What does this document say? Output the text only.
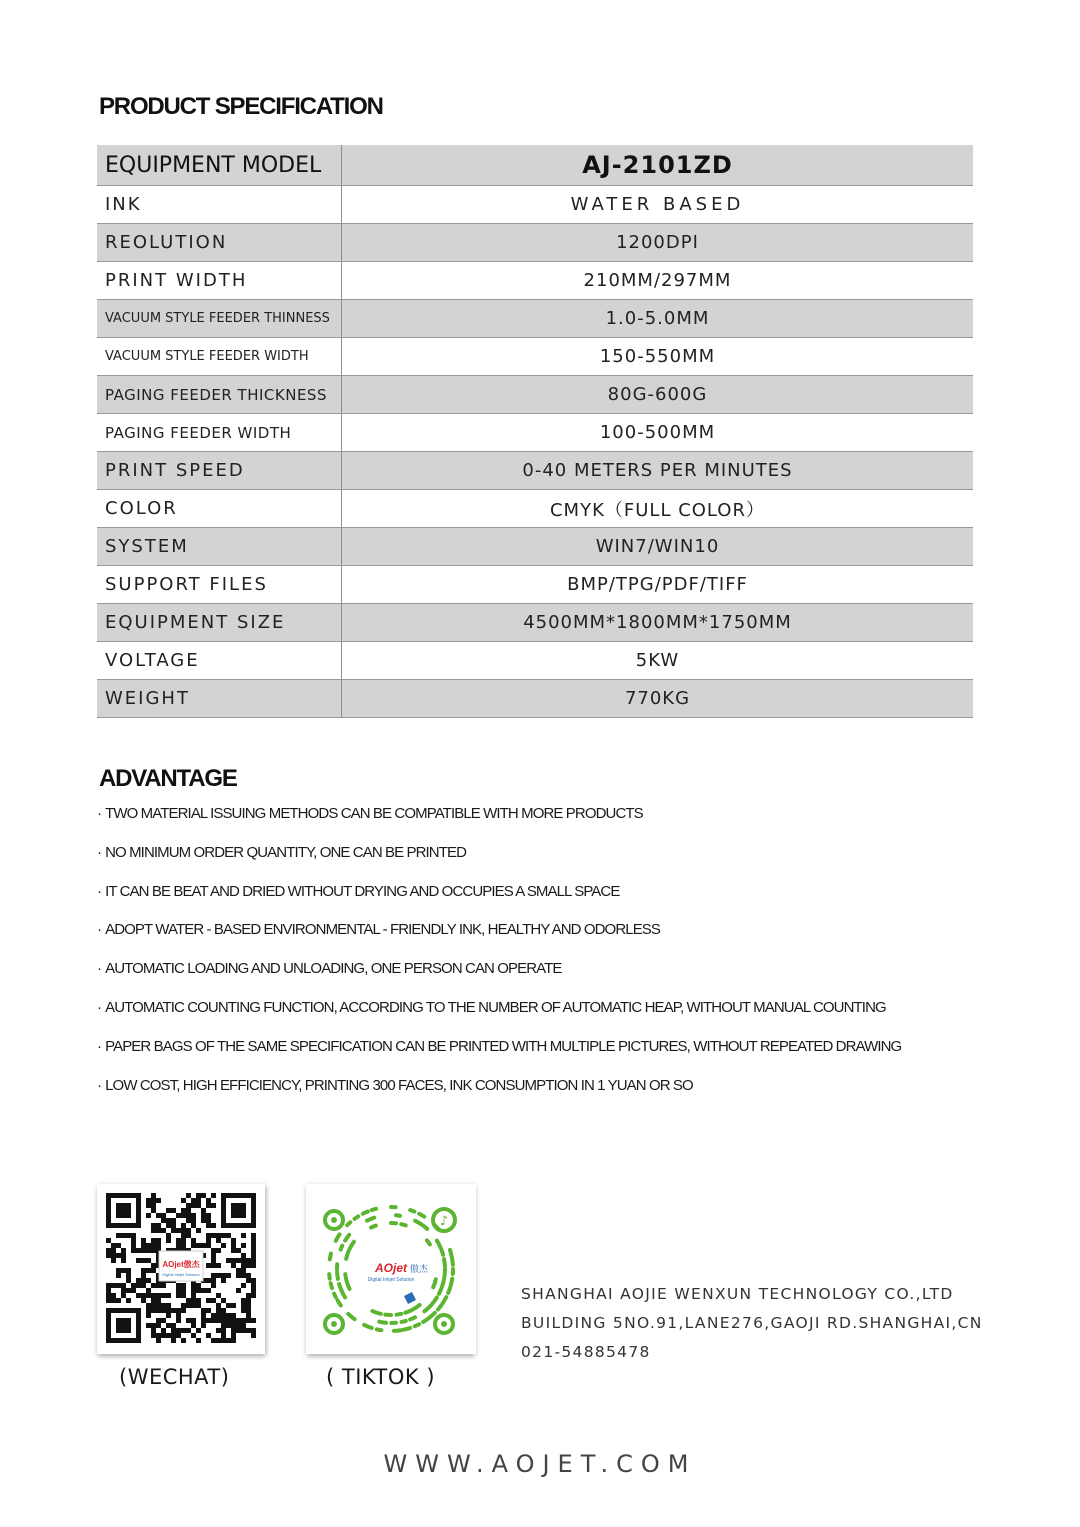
PRODUCT SPECIFICATION
EQUIPMENT MODEL	AJ-2101ZD
INK	WATER BASED
REOLUTION	1200DPI
PRINT WIDTH	210MM/297MM
VACUUM STYLE FEEDER THINNESS	1.0-5.0MM
VACUUM STYLE FEEDER WIDTH	150-550MM
PAGING FEEDER THICKNESS	80G-600G
PAGING FEEDER WIDTH	100-500MM
PRINT SPEED	0-40 METERS PER MINUTES
COLOR	CMYK（FULL COLOR）
SYSTEM	WIN7/WIN10
SUPPORT FILES	BMP/TPG/PDF/TIFF
EQUIPMENT SIZE	4500MM*1800MM*1750MM
VOLTAGE	5KW
WEIGHT	770KG
ADVANTAGE
· TWO MATERIAL ISSUING METHODS CAN BE COMPATIBLE WITH MORE PRODUCTS
· NO MINIMUM ORDER QUANTITY, ONE CAN BE PRINTED
· IT CAN BE BEAT AND DRIED WITHOUT DRYING AND OCCUPIES A SMALL SPACE
· ADOPT WATER - BASED ENVIRONMENTAL - FRIENDLY INK, HEALTHY AND ODORLESS
· AUTOMATIC LOADING AND UNLOADING, ONE PERSON CAN OPERATE
· AUTOMATIC COUNTING FUNCTION, ACCORDING TO THE NUMBER OF AUTOMATIC HEAP, WITHOUT MANUAL COUNTING
· PAPER BAGS OF THE SAME SPECIFICATION CAN BE PRINTED WITH MULTIPLE PICTURES, WITHOUT REPEATED DRAWING
· LOW COST, HIGH EFFICIENCY, PRINTING 300 FACES, INK CONSUMPTION IN 1 YUAN OR SO
AOjet傲杰
Digital Inkjet Solution
♪
AOjet 傲杰
Digital Inkjet Solution
(WECHAT)	( TIKTOK )
SHANGHAI AOJIE WENXUN TECHNOLOGY CO.,LTD
BUILDING 5NO.91,LANE276,GAOJI RD.SHANGHAI,CN
021-54885478
WWW.AOJET.COM
